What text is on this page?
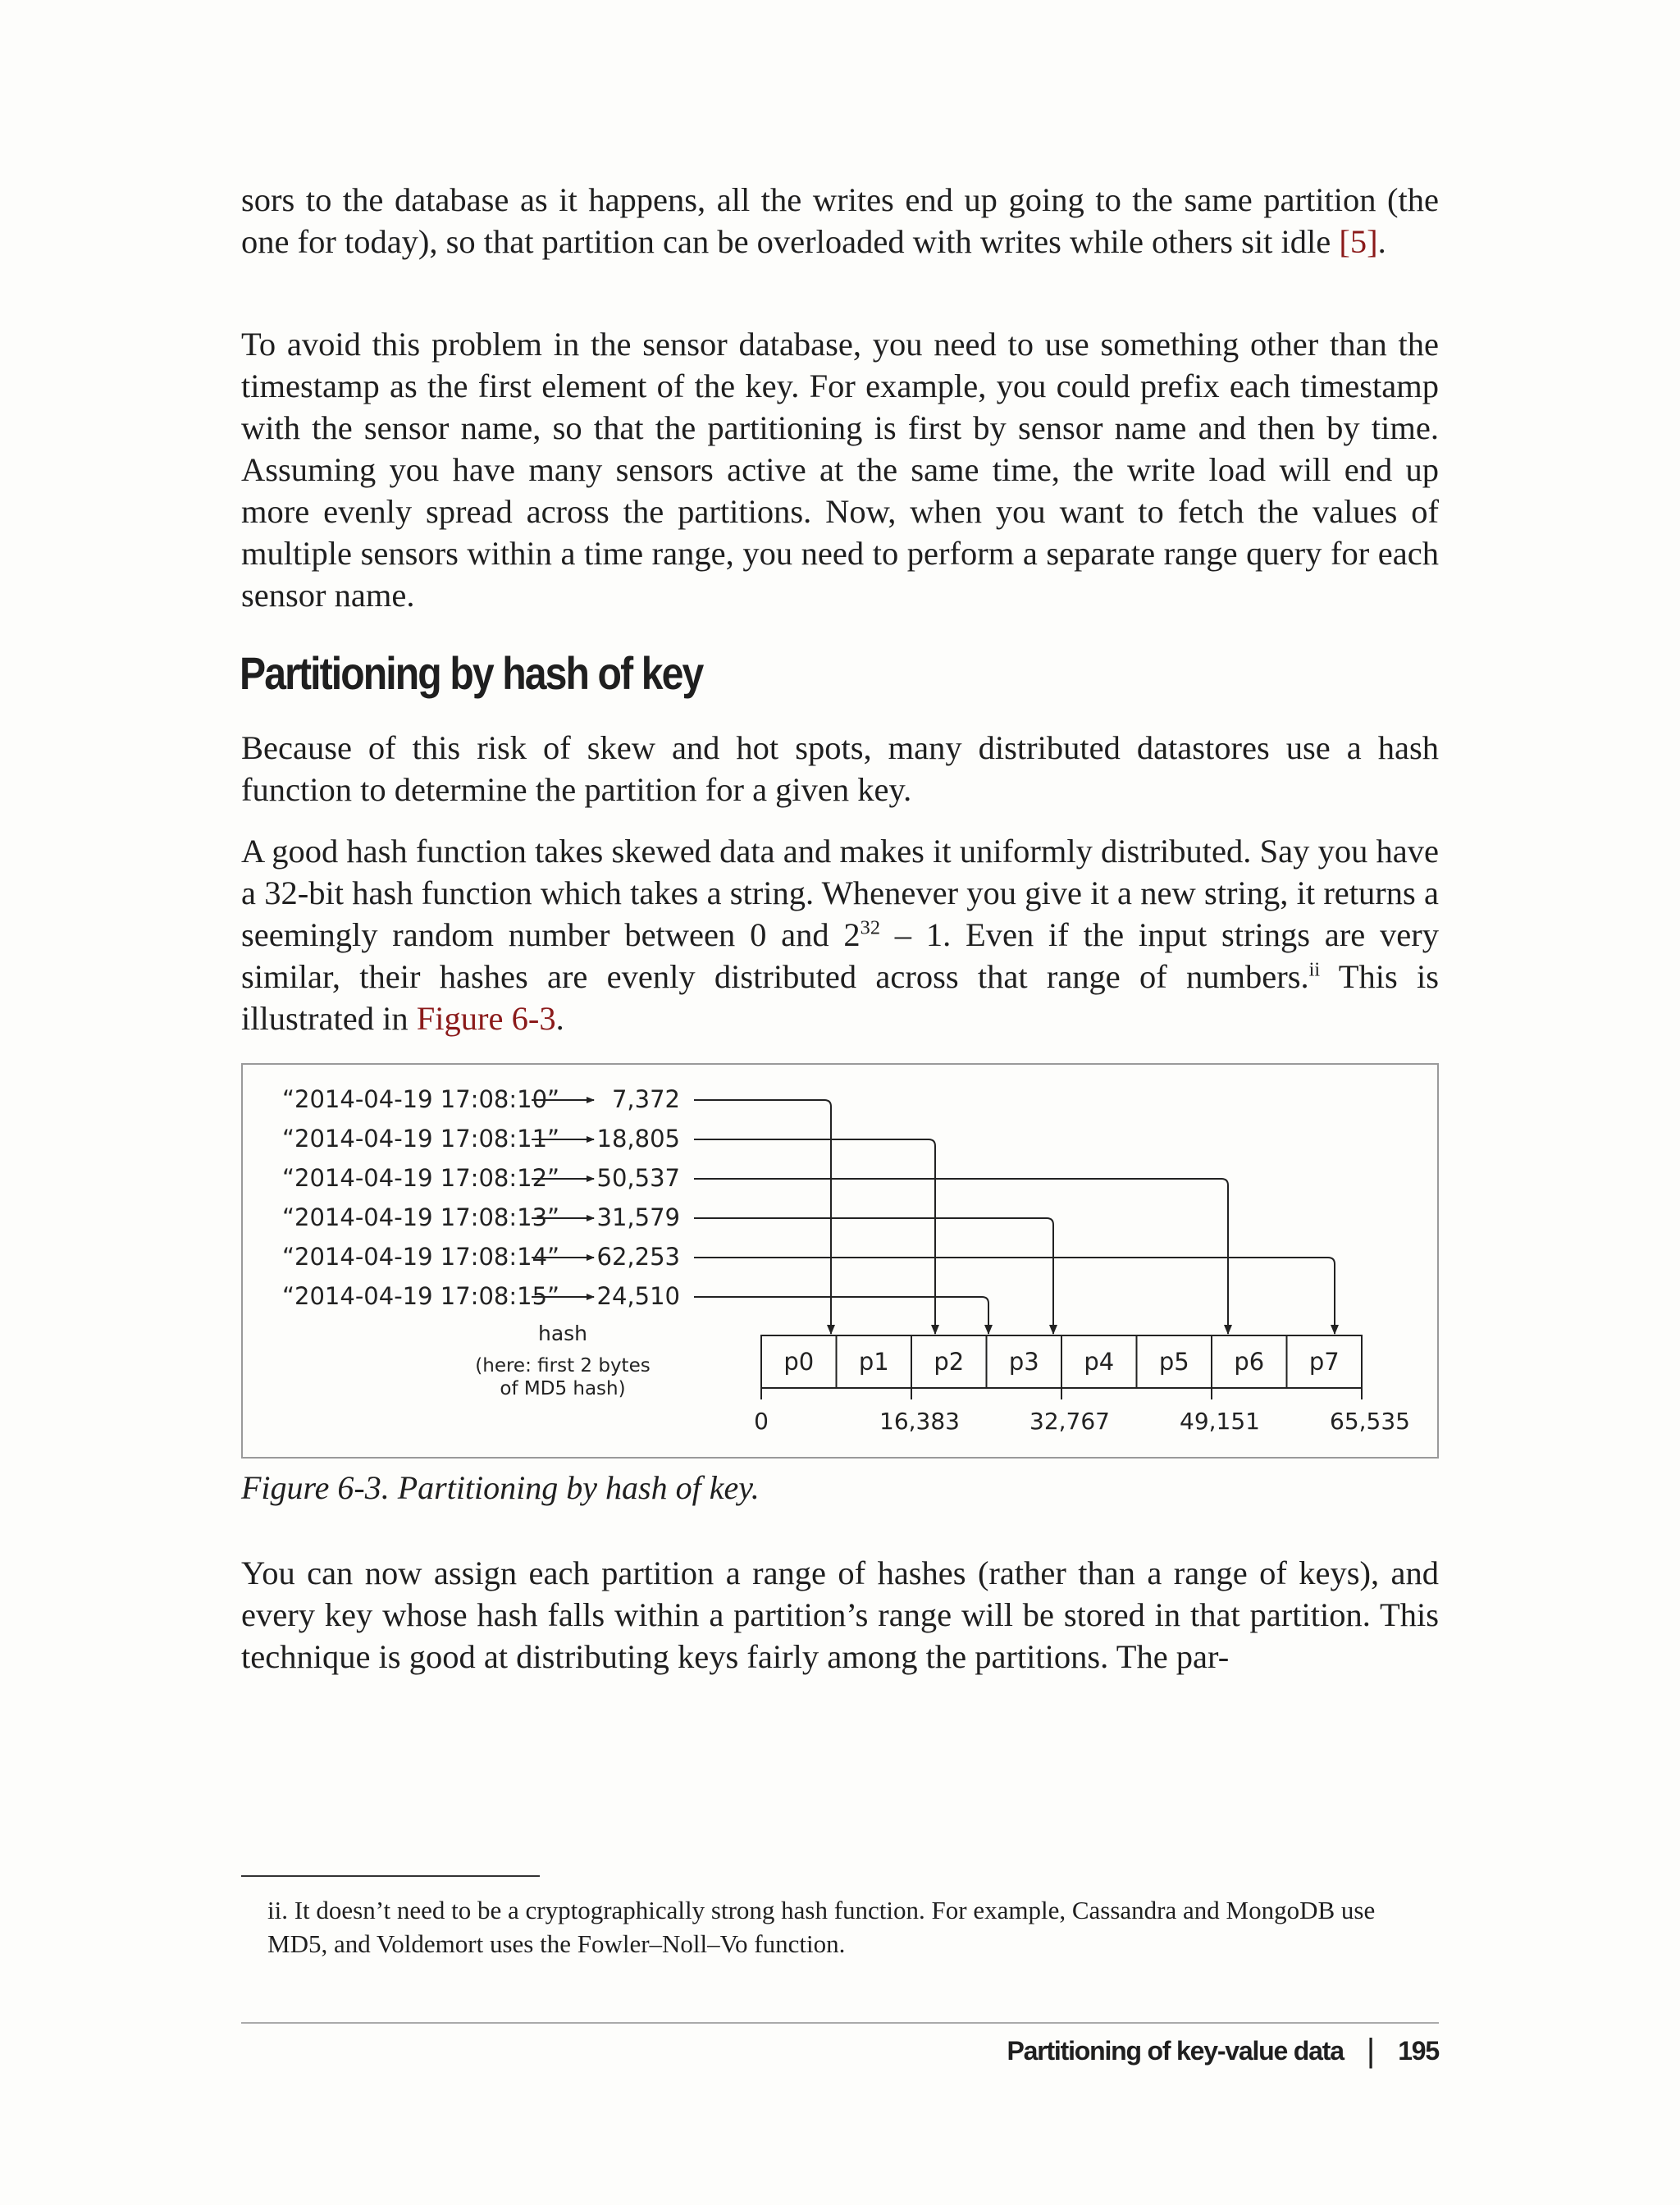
sors to the database as it happens, all the writes end up going to the same partition (the one for today), so that partition can be overloaded with writes while others sit idle [5].

To avoid this problem in the sensor database, you need to use something other than the timestamp as the first element of the key. For example, you could prefix each timestamp with the sensor name, so that the partitioning is first by sensor name and then by time. Assuming you have many sensors active at the same time, the write load will end up more evenly spread across the partitions. Now, when you want to fetch the values of multiple sensors within a time range, you need to perform a separate range query for each sensor name.

Partitioning by hash of key

Because of this risk of skew and hot spots, many distributed datastores use a hash function to determine the partition for a given key.

A good hash function takes skewed data and makes it uniformly distributed. Say you have a 32-bit hash function which takes a string. Whenever you give it a new string, it returns a seemingly random number between 0 and $2^{32} - 1$. Even if the input strings are very similar, their hashes are evenly distributed across that range of numbers.$^{ii}$ This is illustrated in Figure 6-3.

“2014-04-19 17:08:10” 7,372
“2014-04-19 17:08:11” 18,805
“2014-04-19 17:08:12” 50,537
“2014-04-19 17:08:13” 31,579
“2014-04-19 17:08:14” 62,253
“2014-04-19 17:08:15” 24,510
p0 p1 p2 p3 p4 p5 p6 p7
0	16,383	32,767	49,151	65,535
hash
(here: first 2 bytes
of MD5 hash)

Figure 6-3. Partitioning by hash of key.

You can now assign each partition a range of hashes (rather than a range of keys), and every key whose hash falls within a partition’s range will be stored in that partition. This technique is good at distributing keys fairly among the partitions. The par-

ii. It doesn’t need to be a cryptographically strong hash function. For example, Cassandra and MongoDB use MD5, and Voldemort uses the Fowler–Noll–Vo function.

Partitioning of key-value data | 195
